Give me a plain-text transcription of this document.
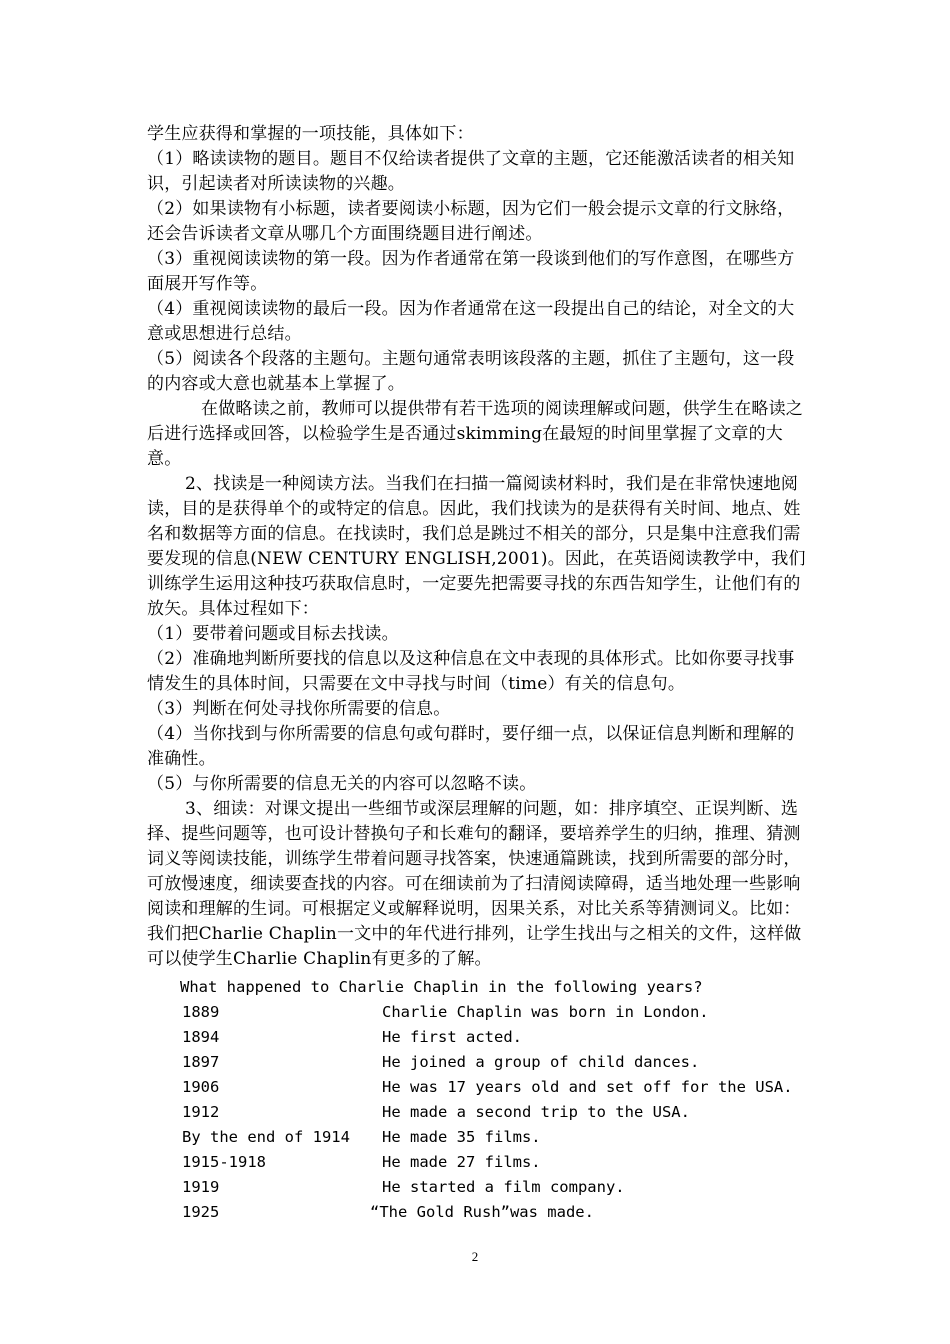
学生应获得和掌握的一项技能，具体如下：

（1）略读读物的题目。题目不仅给读者提供了文章的主题，它还能激活读者的相关知识，引起读者对所读读物的兴趣。

（2）如果读物有小标题，读者要阅读小标题，因为它们一般会提示文章的行文脉络，还会告诉读者文章从哪几个方面围绕题目进行阐述。

（3）重视阅读读物的第一段。因为作者通常在第一段谈到他们的写作意图，在哪些方面展开写作等。

（4）重视阅读读物的最后一段。因为作者通常在这一段提出自己的结论，对全文的大意或思想进行总结。

（5）阅读各个段落的主题句。主题句通常表明该段落的主题，抓住了主题句，这一段的内容或大意也就基本上掌握了。

在做略读之前，教师可以提供带有若干选项的阅读理解或问题，供学生在略读之后进行选择或回答，以检验学生是否通过skimming在最短的时间里掌握了文章的大意。

2、找读是一种阅读方法。当我们在扫描一篇阅读材料时，我们是在非常快速地阅读，目的是获得单个的或特定的信息。因此，我们找读为的是获得有关时间、地点、姓名和数据等方面的信息。在找读时，我们总是跳过不相关的部分，只是集中注意我们需要发现的信息(NEW CENTURY ENGLISH,2001)。因此，在英语阅读教学中，我们训练学生运用这种技巧获取信息时，一定要先把需要寻找的东西告知学生，让他们有的放矢。具体过程如下：

（1）要带着问题或目标去找读。

（2）准确地判断所要找的信息以及这种信息在文中表现的具体形式。比如你要寻找事情发生的具体时间，只需要在文中寻找与时间（time）有关的信息句。

（3）判断在何处寻找你所需要的信息。

（4）当你找到与你所需要的信息句或句群时，要仔细一点，以保证信息判断和理解的准确性。

（5）与你所需要的信息无关的内容可以忽略不读。

3、细读：对课文提出一些细节或深层理解的问题，如：排序填空、正误判断、选择、提些问题等，也可设计替换句子和长难句的翻译，要培养学生的归纳，推理、猜测词义等阅读技能，训练学生带着问题寻找答案，快速通篇跳读，找到所需要的部分时，可放慢速度，细读要查找的内容。可在细读前为了扫清阅读障碍，适当地处理一些影响阅读和理解的生词。可根据定义或解释说明，因果关系，对比关系等猜测词义。比如：我们把Charlie Chaplin一文中的年代进行排列，让学生找出与之相关的文件，这样做可以使学生Charlie Chaplin有更多的了解。

What happened to Charlie Chaplin in the following years?
1889	Charlie Chaplin was born in London.
1894	He first acted.
1897	He joined a group of child dances.
1906	He was 17 years old and set off for the USA.
1912	He made a second trip to the USA.
By the end of 1914	He made 35 films.
1915-1918	He made 27 films.
1919	He started a film company.
1925	“The Gold Rush”was made.
2
